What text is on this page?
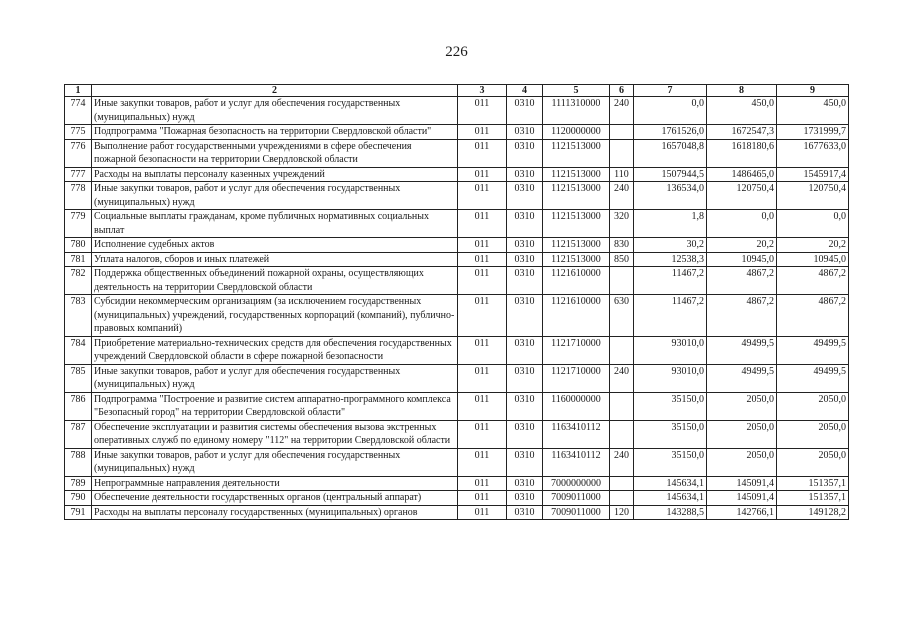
226
1	2	3	4	5	6	7	8	9
774	Иные закупки товаров, работ и услуг для обеспечения государственных (муниципальных) нужд	011	0310	1111310000	240	0,0	450,0	450,0
775	Подпрограмма "Пожарная безопасность на территории Свердловской области"	011	0310	1120000000		1761526,0	1672547,3	1731999,7
776	Выполнение работ государственными учреждениями в сфере обеспечения пожарной безопасности на территории Свердловской области	011	0310	1121513000		1657048,8	1618180,6	1677633,0
777	Расходы на выплаты персоналу казенных учреждений	011	0310	1121513000	110	1507944,5	1486465,0	1545917,4
778	Иные закупки товаров, работ и услуг для обеспечения государственных (муниципальных) нужд	011	0310	1121513000	240	136534,0	120750,4	120750,4
779	Социальные выплаты гражданам, кроме публичных нормативных социальных выплат	011	0310	1121513000	320	1,8	0,0	0,0
780	Исполнение судебных актов	011	0310	1121513000	830	30,2	20,2	20,2
781	Уплата налогов, сборов и иных платежей	011	0310	1121513000	850	12538,3	10945,0	10945,0
782	Поддержка общественных объединений пожарной охраны, осуществляющих деятельность на территории Свердловской области	011	0310	1121610000		11467,2	4867,2	4867,2
783	Субсидии некоммерческим организациям (за исключением государственных (муниципальных) учреждений, государственных корпораций (компаний), публично-правовых компаний)	011	0310	1121610000	630	11467,2	4867,2	4867,2
784	Приобретение материально-технических средств для обеспечения государственных учреждений Свердловской области в сфере пожарной безопасности	011	0310	1121710000		93010,0	49499,5	49499,5
785	Иные закупки товаров, работ и услуг для обеспечения государственных (муниципальных) нужд	011	0310	1121710000	240	93010,0	49499,5	49499,5
786	Подпрограмма "Построение и развитие систем аппаратно-программного комплекса "Безопасный город" на территории Свердловской области"	011	0310	1160000000		35150,0	2050,0	2050,0
787	Обеспечение эксплуатации и развития системы обеспечения вызова экстренных оперативных служб по единому номеру "112" на территории Свердловской области	011	0310	1163410112		35150,0	2050,0	2050,0
788	Иные закупки товаров, работ и услуг для обеспечения государственных (муниципальных) нужд	011	0310	1163410112	240	35150,0	2050,0	2050,0
789	Непрограммные направления деятельности	011	0310	7000000000		145634,1	145091,4	151357,1
790	Обеспечение деятельности государственных органов (центральный аппарат)	011	0310	7009011000		145634,1	145091,4	151357,1
791	Расходы на выплаты персоналу государственных (муниципальных) органов	011	0310	7009011000	120	143288,5	142766,1	149128,2
